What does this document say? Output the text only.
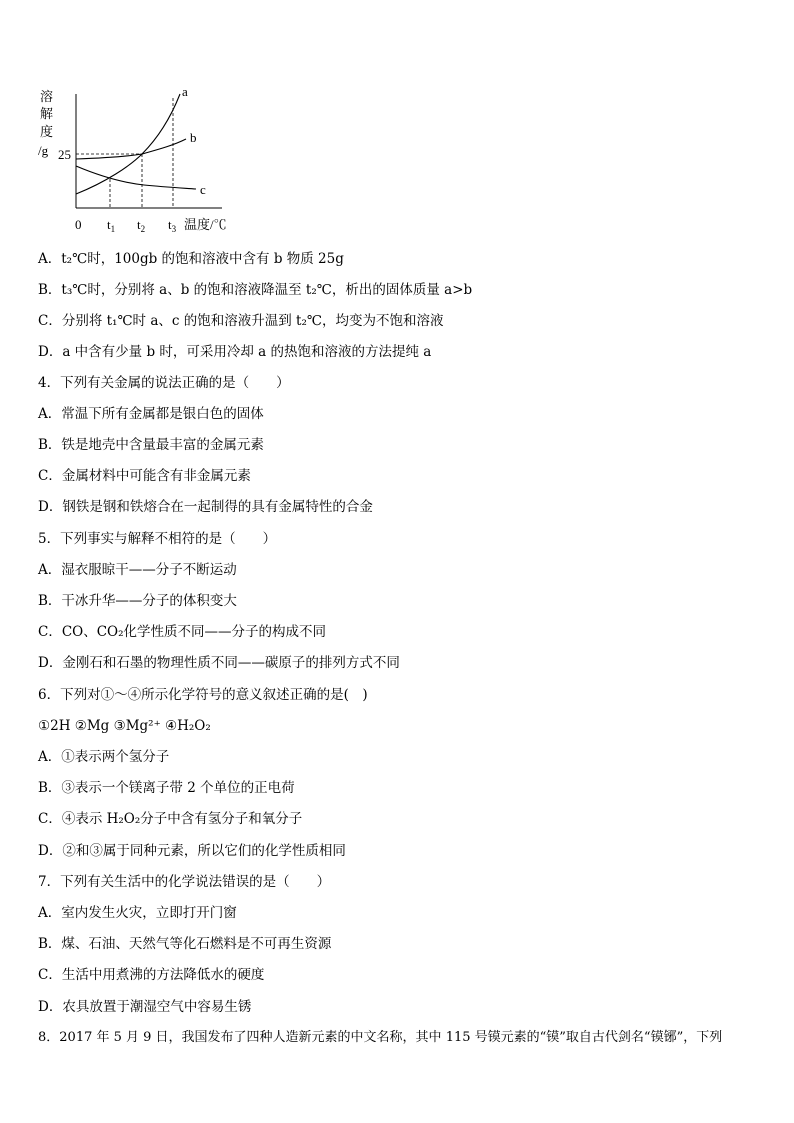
溶
解
度
/g 25
0 $t_1$ $t_2$ $t_3$ 温度/℃
a
b
c
A．t₂℃时，100gb 的饱和溶液中含有 b 物质 25g
B．t₃℃时，分别将 a、b 的饱和溶液降温至 t₂℃，析出的固体质量 a>b
C．分别将 t₁℃时 a、c 的饱和溶液升温到 t₂℃，均变为不饱和溶液
D．a 中含有少量 b 时，可采用冷却 a 的热饱和溶液的方法提纯 a
4．下列有关金属的说法正确的是（　　）
A．常温下所有金属都是银白色的固体
B．铁是地壳中含量最丰富的金属元素
C．金属材料中可能含有非金属元素
D．钢铁是钢和铁熔合在一起制得的具有金属特性的合金
5．下列事实与解释不相符的是（　　）
A．湿衣服晾干——分子不断运动
B．干冰升华——分子的体积变大
C．CO、CO₂化学性质不同——分子的构成不同
D．金刚石和石墨的物理性质不同——碳原子的排列方式不同
6．下列对①～④所示化学符号的意义叙述正确的是(　)
①2H ②Mg ③Mg²⁺ ④H₂O₂
A．①表示两个氢分子
B．③表示一个镁离子带 2 个单位的正电荷
C．④表示 H₂O₂分子中含有氢分子和氧分子
D．②和③属于同种元素，所以它们的化学性质相同
7．下列有关生活中的化学说法错误的是（　　）
A．室内发生火灾，立即打开门窗
B．煤、石油、天然气等化石燃料是不可再生资源
C．生活中用煮沸的方法降低水的硬度
D．农具放置于潮湿空气中容易生锈
8．2017 年 5 月 9 日，我国发布了四种人造新元素的中文名称，其中 115 号镆元素的“镆”取自古代剑名“镆铘”，下列
